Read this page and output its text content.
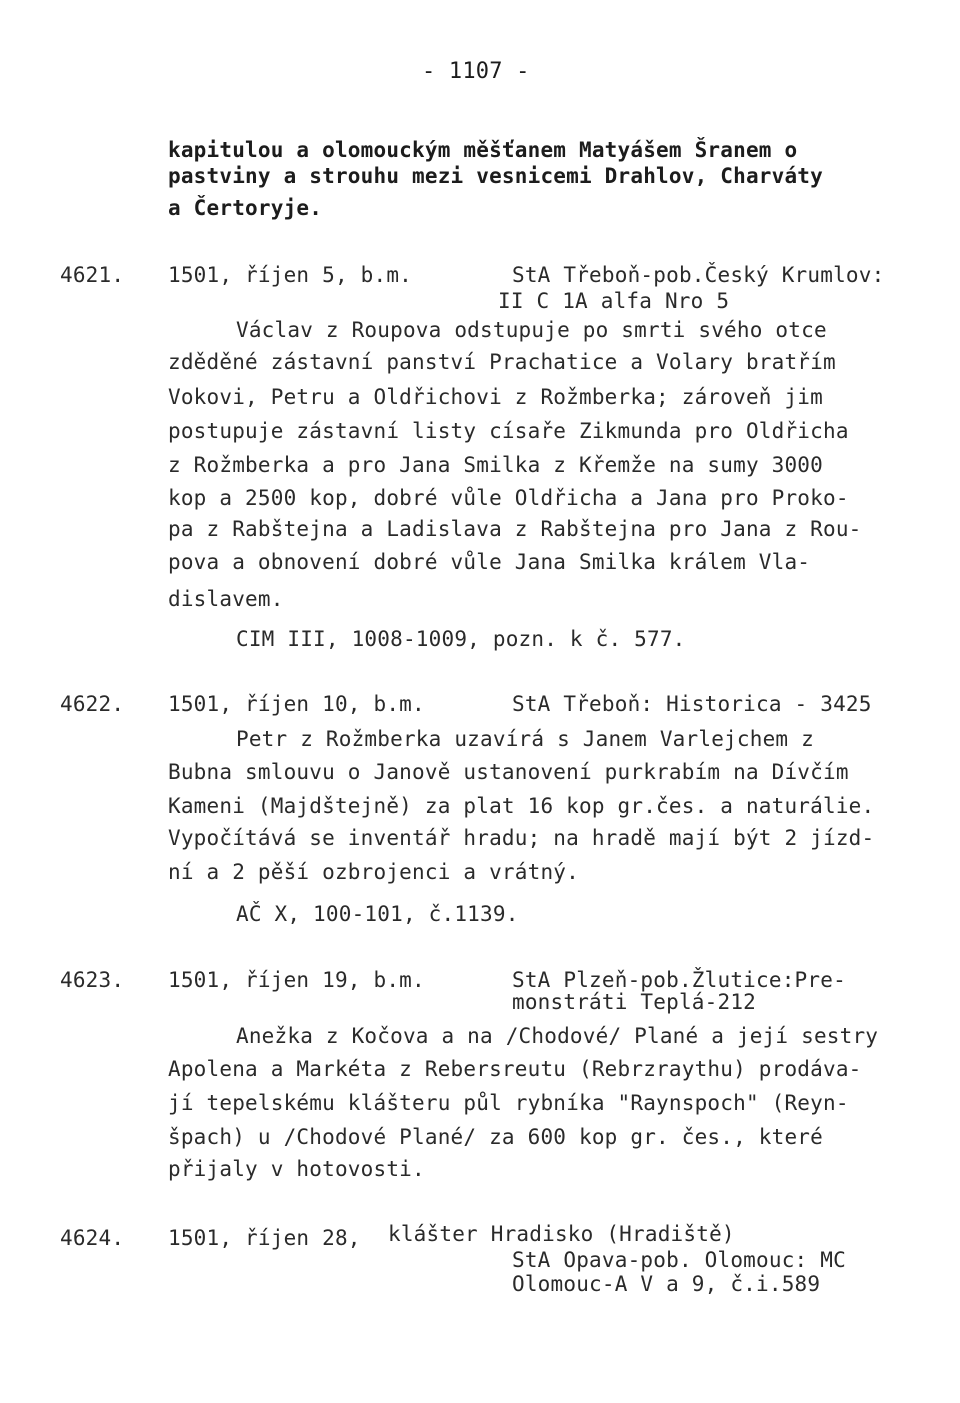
- 1107 -
kapitulou a olomouckým měšťanem Matyášem Šranem o
pastviny a strouhu mezi vesnicemi Drahlov, Charváty
a Čertoryje.
4621. 1501, říjen 5, b.m.	StA Třeboň-pob.Český Krumlov:
II C 1A alfa Nro 5
Václav z Roupova odstupuje po smrti svého otce
zděděné zástavní panství Prachatice a Volary bratřím
Vokovi, Petru a Oldřichovi z Rožmberka; zároveň jim
postupuje zástavní listy císaře Zikmunda pro Oldřicha
z Rožmberka a pro Jana Smilka z Křemže na sumy 3000
kop a 2500 kop, dobré vůle Oldřicha a Jana pro Proko-
pa z Rabštejna a Ladislava z Rabštejna pro Jana z Rou-
pova a obnovení dobré vůle Jana Smilka králem Vla-
dislavem.
CIM III, 1008-1009, pozn. k č. 577.
4622. 1501, říjen 10, b.m.	StA Třeboň: Historica - 3425
Petr z Rožmberka uzavírá s Janem Varlejchem z
Bubna smlouvu o Janově ustanovení purkrabím na Dívčím
Kameni (Majdštejně) za plat 16 kop gr.čes. a naturálie.
Vypočítává se inventář hradu; na hradě mají být 2 jízd-
ní a 2 pěší ozbrojenci a vrátný.
AČ X, 100-101, č.1139.
4623. 1501, říjen 19, b.m.	StA Plzeň-pob.Žlutice:Pre-
monstráti Teplá-212
Anežka z Kočova a na /Chodové/ Plané a její sestry
Apolena a Markéta z Rebersreutu (Rebrzraythu) prodáva-
jí tepelskému klášteru půl rybníka "Raynspoch" (Reyn-
špach) u /Chodové Plané/ za 600 kop gr. čes., které
přijaly v hotovosti.
4624. 1501, říjen 28, klášter Hradisko (Hradiště)
StA Opava-pob. Olomouc: MC
Olomouc-A V a 9, č.i.589
